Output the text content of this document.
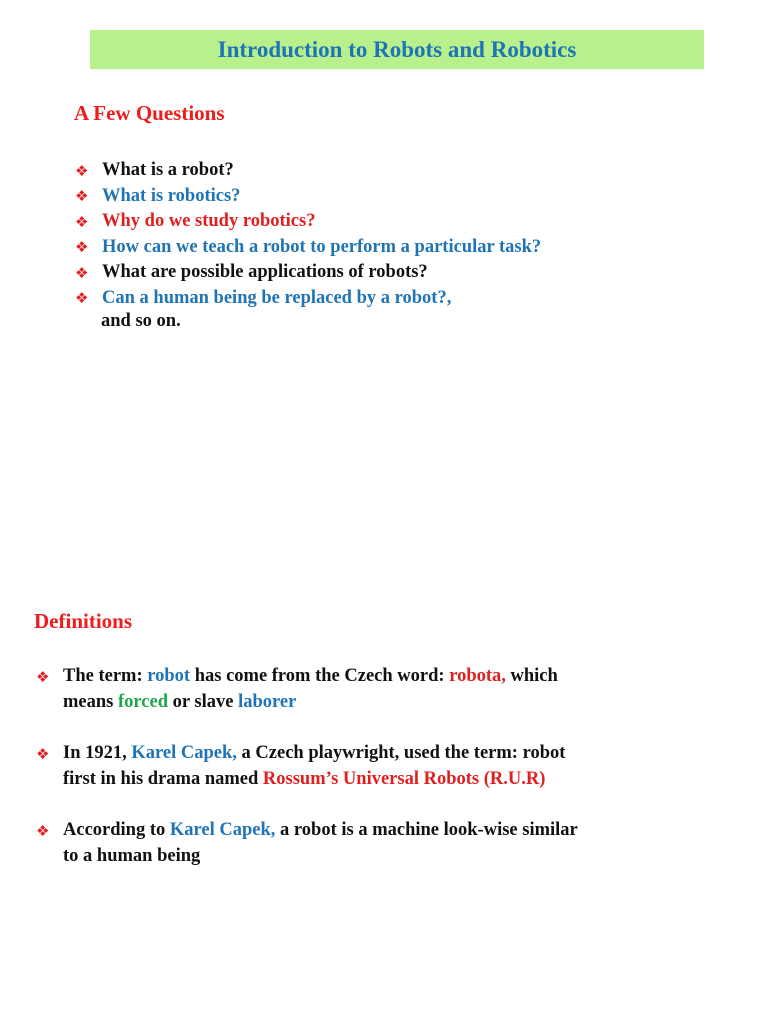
Introduction to Robots and Robotics
A Few Questions
❖ What is a robot?
❖ What is robotics?
❖ Why do we study robotics?
❖ How can we teach a robot to perform a particular task?
❖ What are possible applications of robots?
❖ Can a human being be replaced by a robot?,
and so on.
Definitions
❖ The term: robot has come from the Czech word: robota, which
means forced or slave laborer
❖ In 1921, Karel Capek, a Czech playwright, used the term: robot
first in his drama named Rossum’s Universal Robots (R.U.R)
❖ According to Karel Capek, a robot is a machine look-wise similar
to a human being
